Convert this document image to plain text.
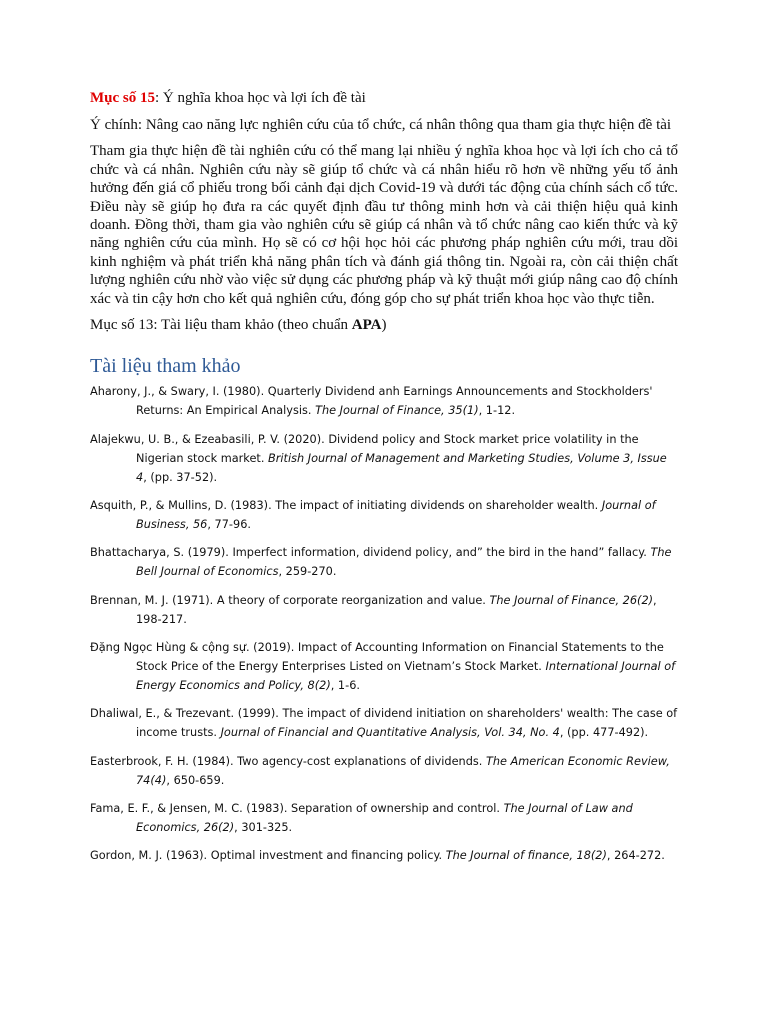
Mục số 15: Ý nghĩa khoa học và lợi ích đề tài

Ý chính: Nâng cao năng lực nghiên cứu của tổ chức, cá nhân thông qua tham gia thực hiện đề tài

Tham gia thực hiện đề tài nghiên cứu có thể mang lại nhiều ý nghĩa khoa học và lợi ích cho cả tổ chức và cá nhân. Nghiên cứu này sẽ giúp tổ chức và cá nhân hiểu rõ hơn về những yếu tố ảnh hưởng đến giá cổ phiếu trong bối cảnh đại dịch Covid-19 và dưới tác động của chính sách cổ tức. Điều này sẽ giúp họ đưa ra các quyết định đầu tư thông minh hơn và cải thiện hiệu quả kinh doanh. Đồng thời, tham gia vào nghiên cứu sẽ giúp cá nhân và tổ chức nâng cao kiến thức và kỹ năng nghiên cứu của mình. Họ sẽ có cơ hội học hỏi các phương pháp nghiên cứu mới, trau dồi kinh nghiệm và phát triển khả năng phân tích và đánh giá thông tin. Ngoài ra, còn cải thiện chất lượng nghiên cứu nhờ vào việc sử dụng các phương pháp và kỹ thuật mới giúp nâng cao độ chính xác và tin cậy hơn cho kết quả nghiên cứu, đóng góp cho sự phát triển khoa học vào thực tiễn.

Mục số 13: Tài liệu tham khảo (theo chuẩn APA)

Tài liệu tham khảo
Aharony, J., & Swary, I. (1980). Quarterly Dividend anh Earnings Announcements and Stockholders' Returns: An Empirical Analysis. The Journal of Finance, 35(1), 1-12.
Alajekwu, U. B., & Ezeabasili, P. V. (2020). Dividend policy and Stock market price volatility in the Nigerian stock market. British Journal of Management and Marketing Studies, Volume 3, Issue 4, (pp. 37-52).
Asquith, P., & Mullins, D. (1983). The impact of initiating dividends on shareholder wealth. Journal of Business, 56, 77-96.
Bhattacharya, S. (1979). Imperfect information, dividend policy, and” the bird in the hand” fallacy. The Bell Journal of Economics, 259-270.
Brennan, M. J. (1971). A theory of corporate reorganization and value. The Journal of Finance, 26(2), 198-217.
Đặng Ngọc Hùng & cộng sự. (2019). Impact of Accounting Information on Financial Statements to the Stock Price of the Energy Enterprises Listed on Vietnam’s Stock Market. International Journal of Energy Economics and Policy, 8(2), 1-6.
Dhaliwal, E., & Trezevant. (1999). The impact of dividend initiation on shareholders' wealth: The case of income trusts. Journal of Financial and Quantitative Analysis, Vol. 34, No. 4, (pp. 477-492).
Easterbrook, F. H. (1984). Two agency-cost explanations of dividends. The American Economic Review, 74(4), 650-659.
Fama, E. F., & Jensen, M. C. (1983). Separation of ownership and control. The Journal of Law and Economics, 26(2), 301-325.
Gordon, M. J. (1963). Optimal investment and financing policy. The Journal of finance, 18(2), 264-272.
